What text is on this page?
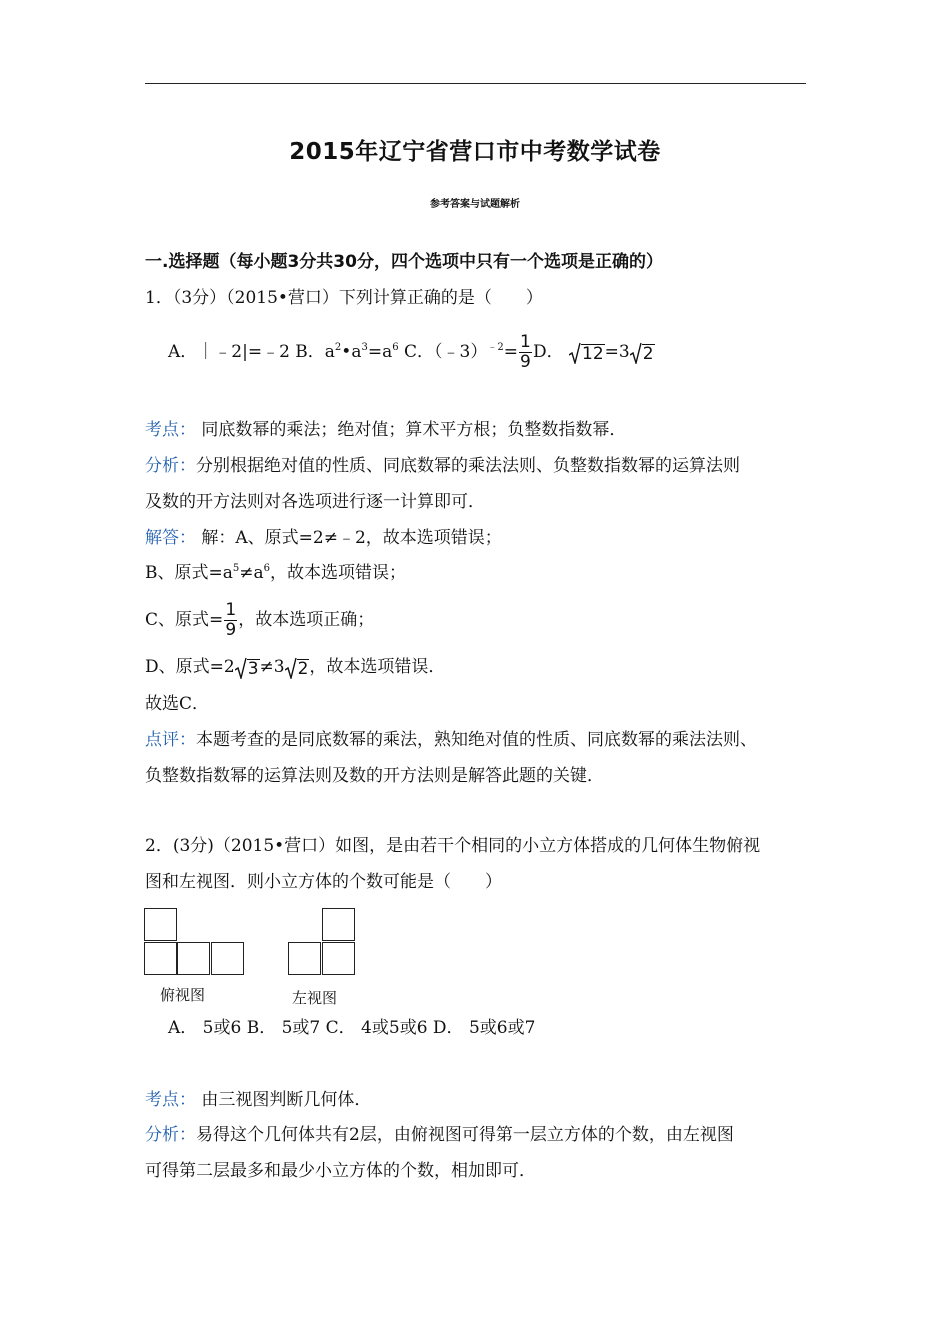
2015年辽宁省营口市中考数学试卷
参考答案与试题解析
一.选择题（每小题3分共30分，四个选项中只有一个选项是正确的）
1．（3分）（2015•营口）下列计算正确的是（　　）
A．｜﹣2|=﹣2 B．$a^2•a^3=a^6$ C．（﹣3）$^{﹣2}$= $\frac{1}{9}$ D． 12 =3 2
考点： 同底数幂的乘法；绝对值；算术平方根；负整数指数幂．
分析：分别根据绝对值的性质、同底数幂的乘法法则、负整数指数幂的运算法则
及数的开方法则对各选项进行逐一计算即可．
解答： 解：A、原式=2≠﹣2，故本选项错误；
B、原式$=a^5\ne a^6$，故本选项错误；
C、原式= $\frac{1}{9}$ ，故本选项正确；
D、原式=2 3 ≠3 2 ，故本选项错误．
故选C．
点评：本题考查的是同底数幂的乘法，熟知绝对值的性质、同底数幂的乘法法则、
负整数指数幂的运算法则及数的开方法则是解答此题的关键．
2．(3分)（2015•营口）如图，是由若干个相同的小立方体搭成的几何体生物俯视
图和左视图．则小立方体的个数可能是（　　）
俯视图	左视图
A． 5或6 B． 5或7 C． 4或5或6 D． 5或6或7
考点： 由三视图判断几何体．
分析：易得这个几何体共有2层，由俯视图可得第一层立方体的个数，由左视图
可得第二层最多和最少小立方体的个数，相加即可．
